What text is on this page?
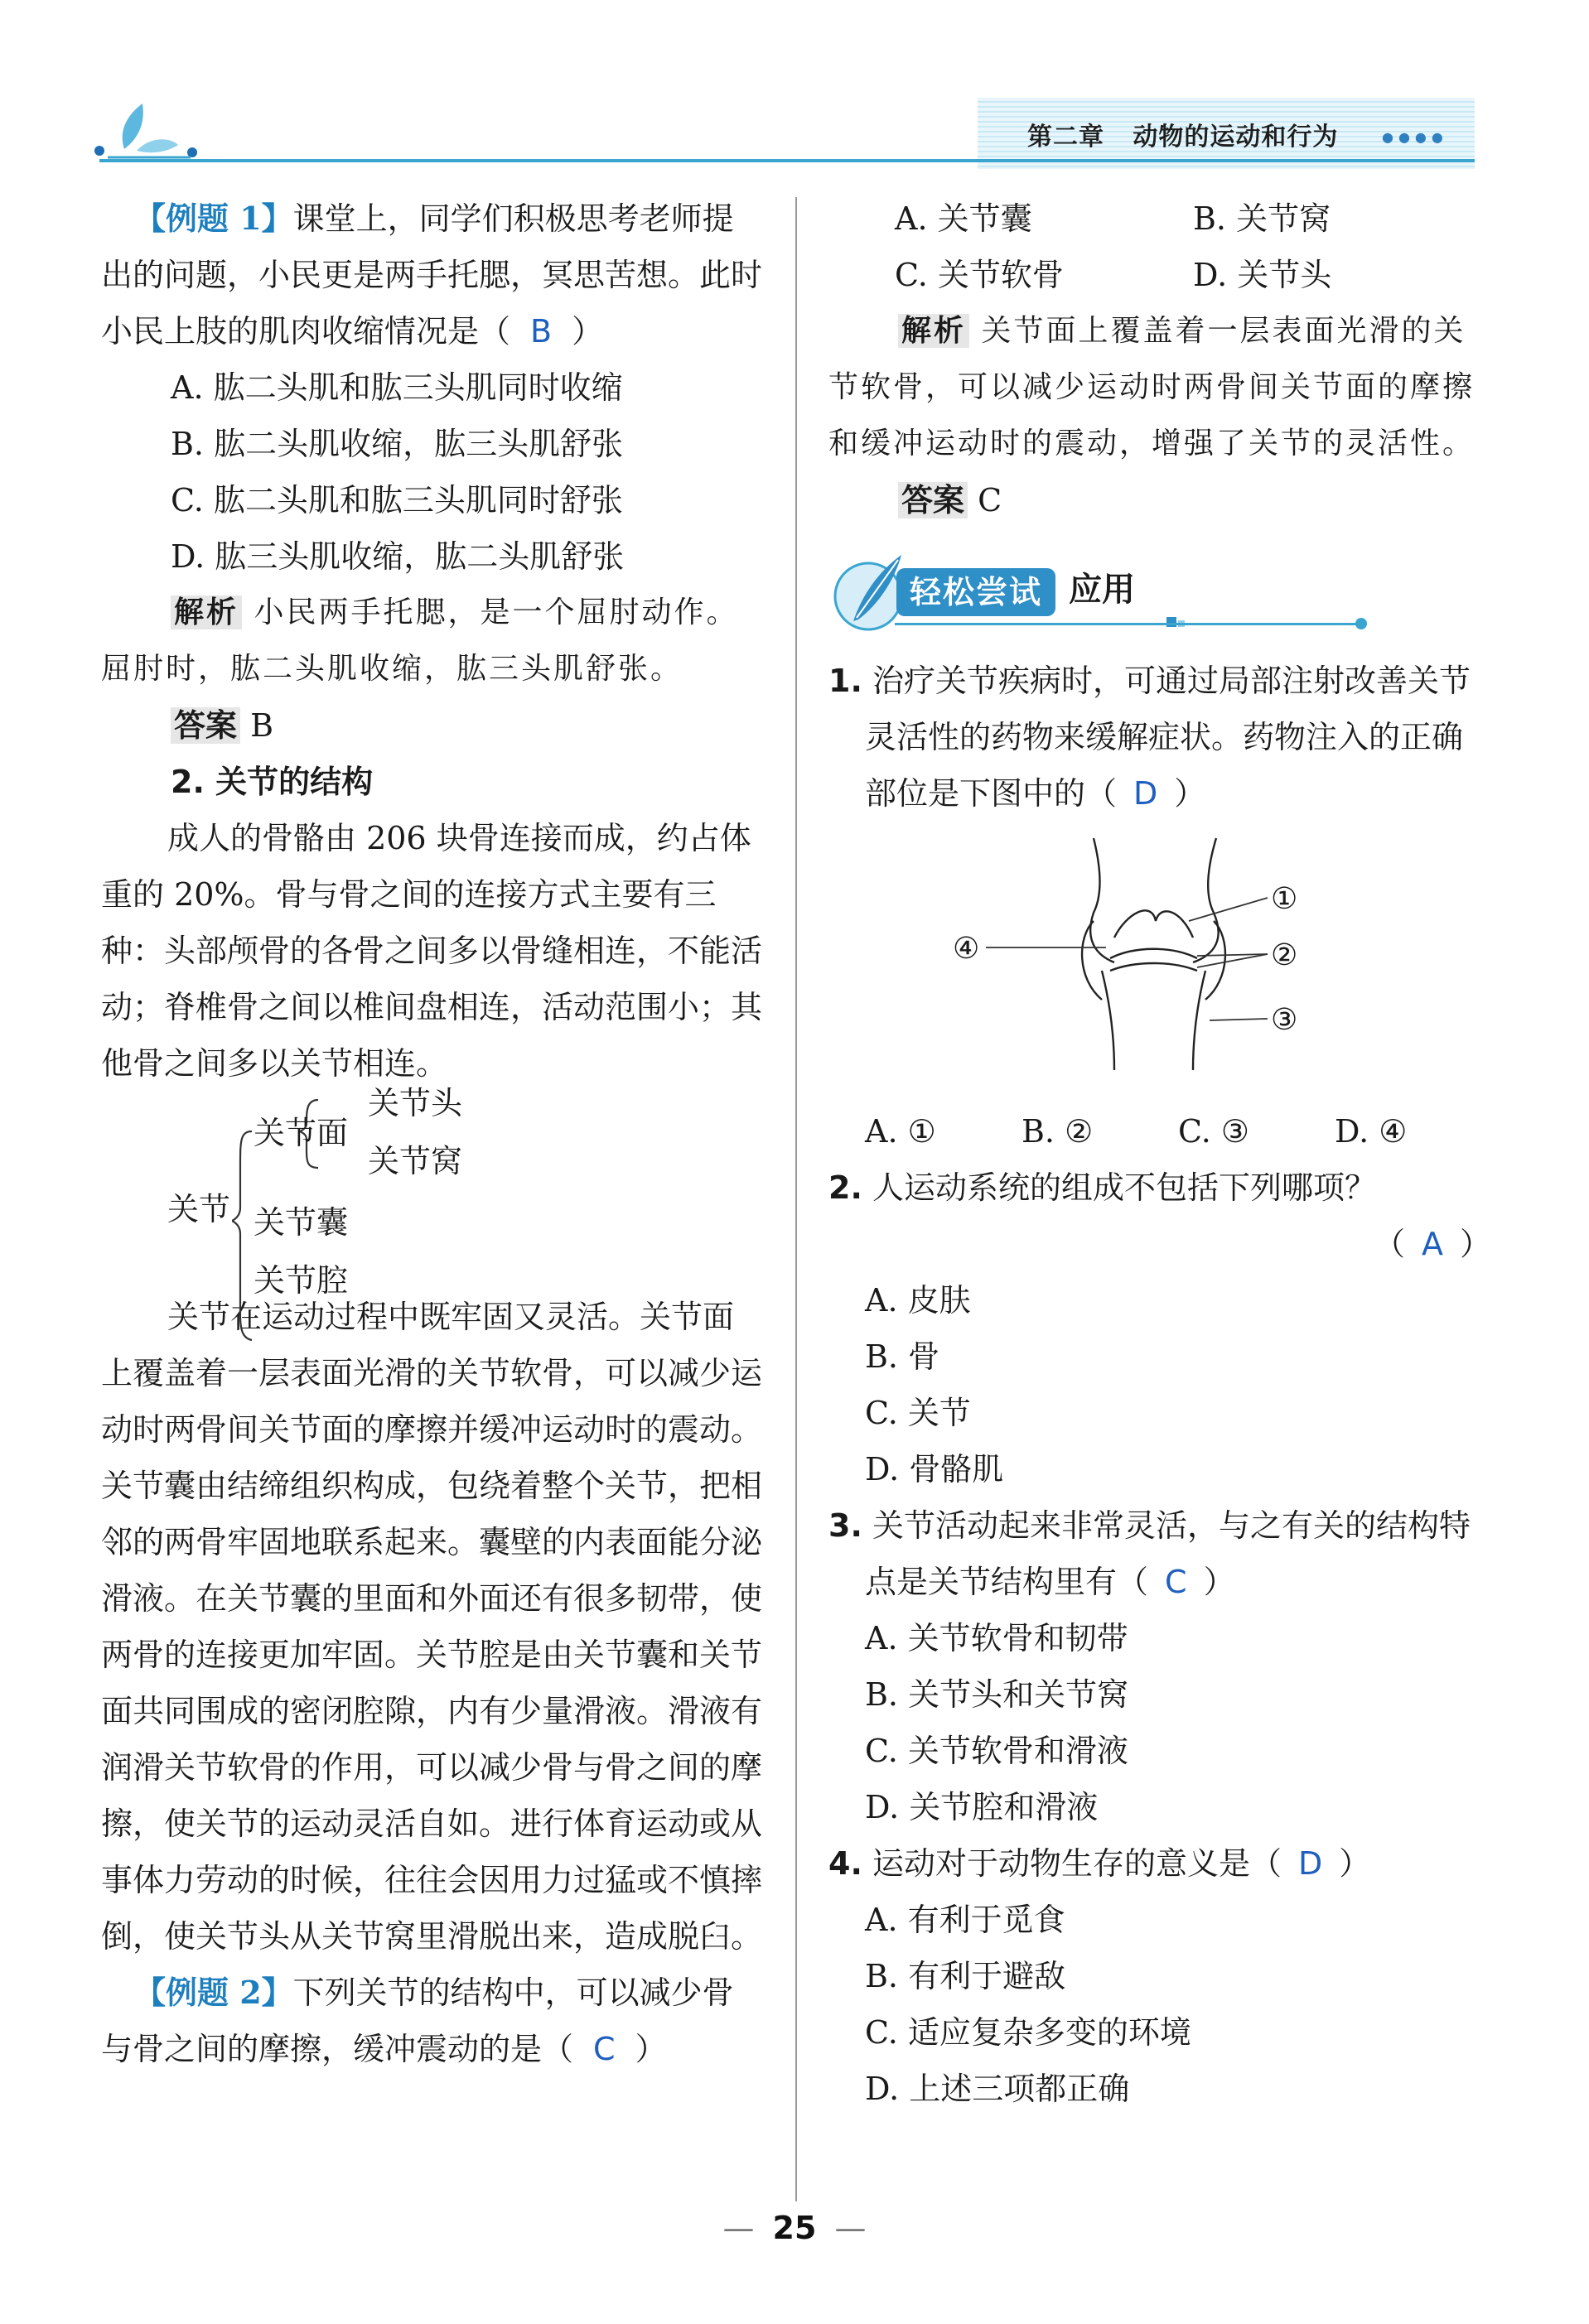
第二章 动物的运动和行为	●●●●

【例题 1】课堂上，同学们积极思考老师提出的问题，小民更是两手托腮，冥思苦想。此时小民上肢的肌肉收缩情况是（ B ）

A. 肱二头肌和肱三头肌同时收缩

B. 肱二头肌收缩，肱三头肌舒张

C. 肱二头肌和肱三头肌同时舒张

D. 肱三头肌收缩，肱二头肌舒张

解析 小民两手托腮，是一个屈肘动作。屈肘时，肱二头肌收缩，肱三头肌舒张。

答案 B

2. 关节的结构

成人的骨骼由 206 块骨连接而成，约占体重的 20%。骨与骨之间的连接方式主要有三种：头部颅骨的各骨之间多以骨缝相连，不能活动；脊椎骨之间以椎间盘相连，活动范围小；其他骨之间多以关节相连。

关节
关节面
关节头
关节窝
关节囊
关节腔

关节在运动过程中既牢固又灵活。关节面上覆盖着一层表面光滑的关节软骨，可以减少运动时两骨间关节面的摩擦并缓冲运动时的震动。关节囊由结缔组织构成，包绕着整个关节，把相邻的两骨牢固地联系起来。囊壁的内表面能分泌滑液。在关节囊的里面和外面还有很多韧带，使两骨的连接更加牢固。关节腔是由关节囊和关节面共同围成的密闭腔隙，内有少量滑液。滑液有润滑关节软骨的作用，可以减少骨与骨之间的摩擦，使关节的运动灵活自如。进行体育运动或从事体力劳动的时候，往往会因用力过猛或不慎摔倒，使关节头从关节窝里滑脱出来，造成脱臼。

【例题 2】下列关节的结构中，可以减少骨与骨之间的摩擦，缓冲震动的是（ C ）

A. 关节囊	B. 关节窝
C. 关节软骨	D. 关节头

解析 关节面上覆盖着一层表面光滑的关节软骨，可以减少运动时两骨间关节面的摩擦和缓冲运动时的震动，增强了关节的灵活性。

答案 C

轻松尝试 应用

1. 治疗关节疾病时，可通过局部注射改善关节灵活性的药物来缓解症状。药物注入的正确部位是下图中的（ D ）

①
②
③
④
A. ①	B. ②	C. ③	D. ④

2. 人运动系统的组成不包括下列哪项？

（ A ）

A. 皮肤

B. 骨

C. 关节

D. 骨骼肌

3. 关节活动起来非常灵活，与之有关的结构特点是关节结构里有（ C ）

A. 关节软骨和韧带

B. 关节头和关节窝

C. 关节软骨和滑液

D. 关节腔和滑液

4. 运动对于动物生存的意义是（ D ）

A. 有利于觅食

B. 有利于避敌

C. 适应复杂多变的环境

D. 上述三项都正确

— 25 —
